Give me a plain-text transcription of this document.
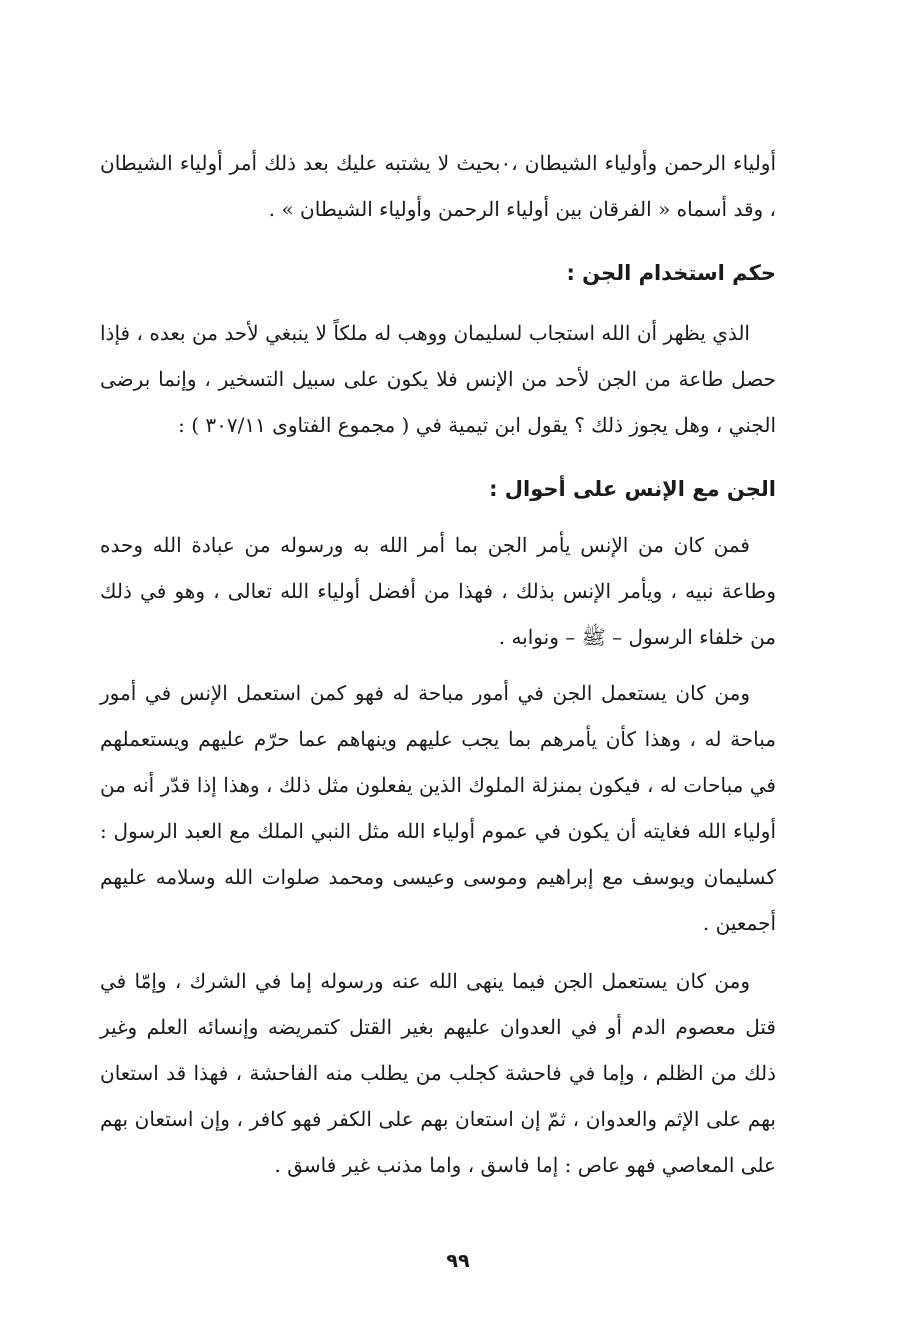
أولياء الرحمن وأولياء الشيطان ،٠بحيث لا يشتبه عليك بعد ذلك أمر أولياء الشيطان ، وقد أسماه « الفرقان بين أولياء الرحمن وأولياء الشيطان » .

حكم استخدام الجن :

الذي يظهر أن الله استجاب لسليمان ووهب له ملكاً لا ينبغي لأحد من بعده ، فإذا حصل طاعة من الجن لأحد من الإنس فلا يكون على سبيل التسخير ، وإنما برضى الجني ، وهل يجوز ذلك ؟ يقول ابن تيمية في ( مجموع الفتاوى ٣٠٧/١١ ) :

الجن مع الإنس على أحوال :

فمن كان من الإنس يأمر الجن بما أمر الله به ورسوله من عبادة الله وحده وطاعة نبيه ، ويأمر الإنس بذلك ، فهذا من أفضل أولياء الله تعالى ، وهو في ذلك من خلفاء الرسول – ﷺ – ونوابه .

ومن كان يستعمل الجن في أمور مباحة له فهو كمن استعمل الإنس في أمور مباحة له ، وهذا كأن يأمرهم بما يجب عليهم وينهاهم عما حرّم عليهم ويستعملهم في مباحات له ، فيكون بمنزلة الملوك الذين يفعلون مثل ذلك ، وهذا إذا قدّر أنه من أولياء الله فغايته أن يكون في عموم أولياء الله مثل النبي الملك مع العبد الرسول : كسليمان ويوسف مع إبراهيم وموسى وعيسى ومحمد صلوات الله وسلامه عليهم أجمعين .

ومن كان يستعمل الجن فيما ينهى الله عنه ورسوله إما في الشرك ، وإمّا في قتل معصوم الدم أو في العدوان عليهم بغير القتل كتمريضه وإنسائه العلم وغير ذلك من الظلم ، وإما في فاحشة كجلب من يطلب منه الفاحشة ، فهذا قد استعان بهم على الإثم والعدوان ، ثمّ إن استعان بهم على الكفر فهو كافر ، وإن استعان بهم على المعاصي فهو عاص : إما فاسق ، واما مذنب غير فاسق .

٩٩
